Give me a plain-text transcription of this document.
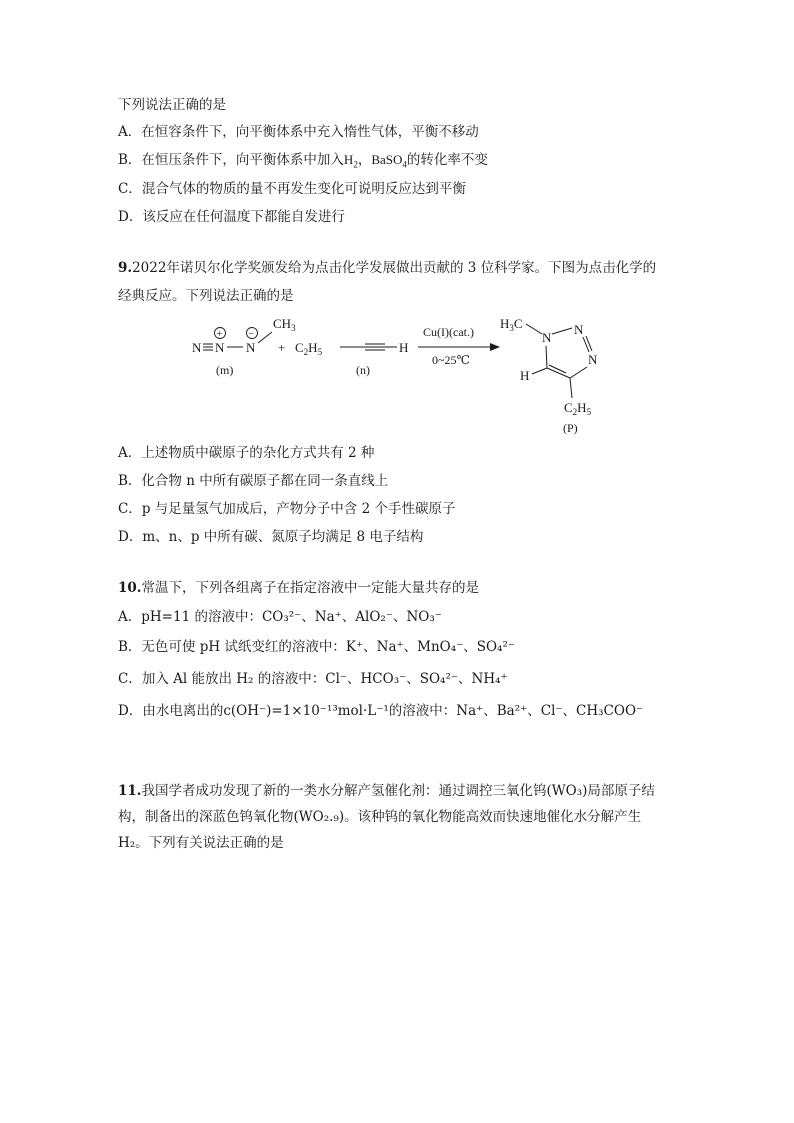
下列说法正确的是
A．在恒容条件下，向平衡体系中充入惰性气体，平衡不移动
B．在恒压条件下，向平衡体系中加入$H_2$，BaSO$_4$的转化率不变
C．混合气体的物质的量不再发生变化可说明反应达到平衡
D．该反应在任何温度下都能自发进行
9.2022年诺贝尔化学奖颁发给为点击化学发展做出贡献的 3 位科学家。下图为点击化学的
经典反应。下列说法正确的是
N N
+
N
−
$CH_3$
(m)
+ $C_2H_5$	H
(n)
Cu(I)(cat.)
0~25℃
$H_3C$
N
N
N
H
$C_2H_5$
(P)
A．上述物质中碳原子的杂化方式共有 2 种
B．化合物 n 中所有碳原子都在同一条直线上
C．p 与足量氢气加成后，产物分子中含 2 个手性碳原子
D．m、n、p 中所有碳、氮原子均满足 8 电子结构
10.常温下，下列各组离子在指定溶液中一定能大量共存的是
A．pH=11 的溶液中：CO₃²⁻、Na⁺、AlO₂⁻、NO₃⁻
B．无色可使 pH 试纸变红的溶液中：K⁺、Na⁺、MnO₄⁻、SO₄²⁻
C．加入 Al 能放出 H₂ 的溶液中：Cl⁻、HCO₃⁻、SO₄²⁻、NH₄⁺
D．由水电离出的c(OH⁻)=1×10⁻¹³mol·L⁻¹的溶液中：Na⁺、Ba²⁺、Cl⁻、CH₃COO⁻
11.我国学者成功发现了新的一类水分解产氢催化剂：通过调控三氧化钨(WO₃)局部原子结
构，制备出的深蓝色钨氧化物(WO₂.₉)。该种钨的氧化物能高效而快速地催化水分解产生
H₂。下列有关说法正确的是
